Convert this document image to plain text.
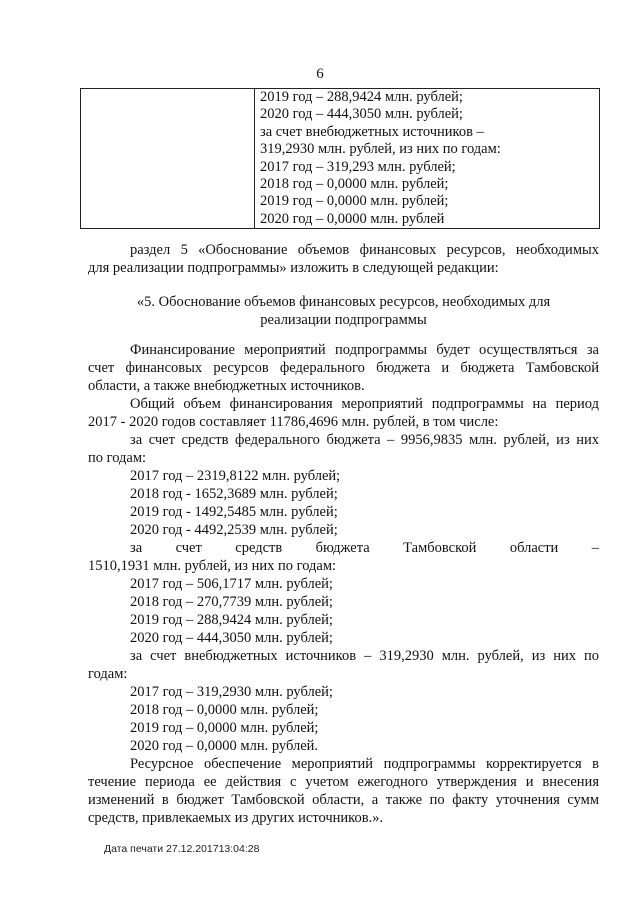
6

2019 год – 288,9424 млн. рублей;
2020 год – 444,3050 млн. рублей;
за счет внебюджетных источников –
319,2930 млн. рублей, из них по годам:
2017 год – 319,293 млн. рублей;
2018 год – 0,0000 млн. рублей;
2019 год – 0,0000 млн. рублей;
2020 год – 0,0000 млн. рублей
раздел 5 «Обоснование объемов финансовых ресурсов, необходимых
для реализации подпрограммы» изложить в следующей редакции:
«5. Обоснование объемов финансовых ресурсов, необходимых для
реализации подпрограммы
Финансирование мероприятий подпрограммы будет осуществляться за
счет финансовых ресурсов федерального бюджета и бюджета Тамбовской
области, а также внебюджетных источников.
Общий объем финансирования мероприятий подпрограммы на период
2017 - 2020 годов составляет 11786,4696 млн. рублей, в том числе:
за счет средств федерального бюджета – 9956,9835 млн. рублей, из них
по годам:
2017 год – 2319,8122 млн. рублей;
2018 год - 1652,3689 млн. рублей;
2019 год - 1492,5485 млн. рублей;
2020 год - 4492,2539 млн. рублей;
за счет средств бюджета Тамбовской области –
1510,1931 млн. рублей, из них по годам:
2017 год – 506,1717 млн. рублей;
2018 год – 270,7739 млн. рублей;
2019 год – 288,9424 млн. рублей;
2020 год – 444,3050 млн. рублей;
за счет внебюджетных источников – 319,2930 млн. рублей, из них по
годам:
2017 год – 319,2930 млн. рублей;
2018 год – 0,0000 млн. рублей;
2019 год – 0,0000 млн. рублей;
2020 год – 0,0000 млн. рублей.
Ресурсное обеспечение мероприятий подпрограммы корректируется в
течение периода ее действия с учетом ежегодного утверждения и внесения
изменений в бюджет Тамбовской области, а также по факту уточнения сумм
средств, привлекаемых из других источников.».
Дата печати 27.12.201713:04:28
